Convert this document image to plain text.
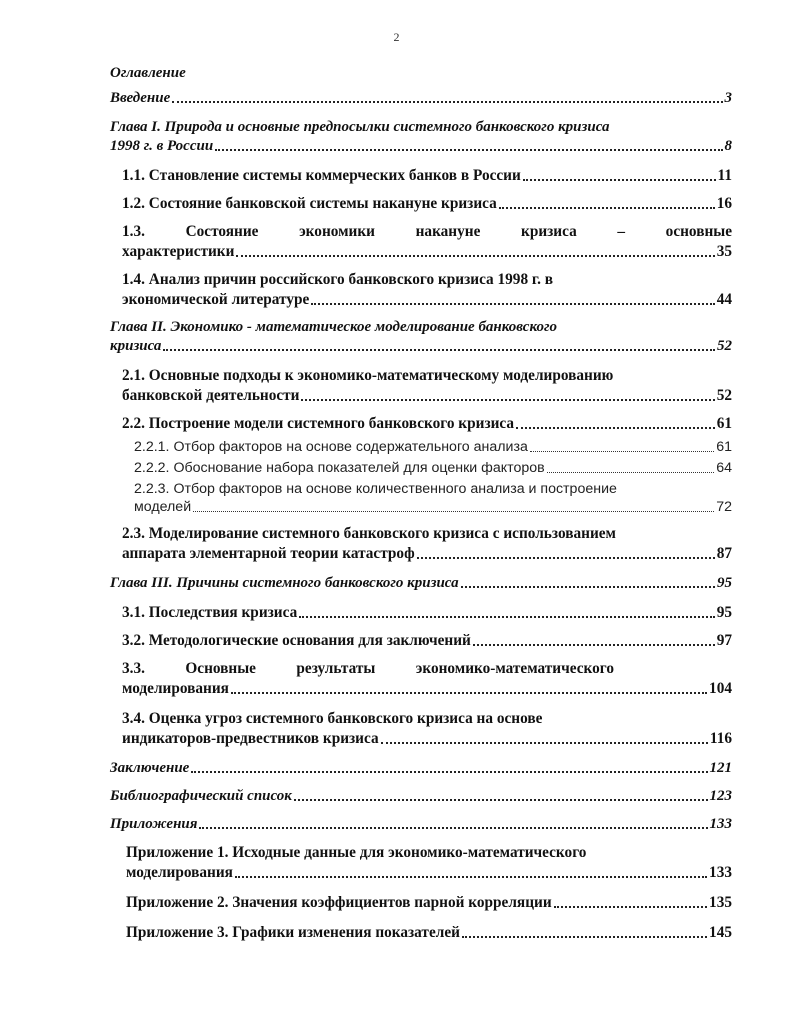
2
Оглавление
Введение	3
Глава I. Природа и основные предпосылки системного банковского кризиса
1998 г. в России	8
1.1. Становление системы коммерческих банков в России	11
1.2. Состояние банковской системы накануне кризиса	16
1.3. Состояние экономики накануне кризиса – основные
характеристики	35
1.4. Анализ причин российского банковского кризиса 1998 г. в
экономической литературе	44
Глава II. Экономико - математическое моделирование банковского
кризиса	52
2.1. Основные подходы к экономико-математическому моделированию
банковской деятельности	52
2.2. Построение модели системного банковского кризиса	61
2.2.1. Отбор факторов на основе содержательного анализа	61
2.2.2. Обоснование набора показателей для оценки факторов	64
2.2.3. Отбор факторов на основе количественного анализа и построение
моделей	72
2.3. Моделирование системного банковского кризиса с использованием
аппарата элементарной теории катастроф	87
Глава III. Причины системного банковского кризиса	95
3.1. Последствия кризиса	95
3.2. Методологические основания для заключений	97
3.3. Основные результаты экономико-математического
моделирования	104
3.4. Оценка угроз системного банковского кризиса на основе
индикаторов-предвестников кризиса	116
Заключение	121
Библиографический список	123
Приложения	133
Приложение 1. Исходные данные для экономико-математического
моделирования	133
Приложение 2. Значения коэффициентов парной корреляции	135
Приложение 3. Графики изменения показателей	145
